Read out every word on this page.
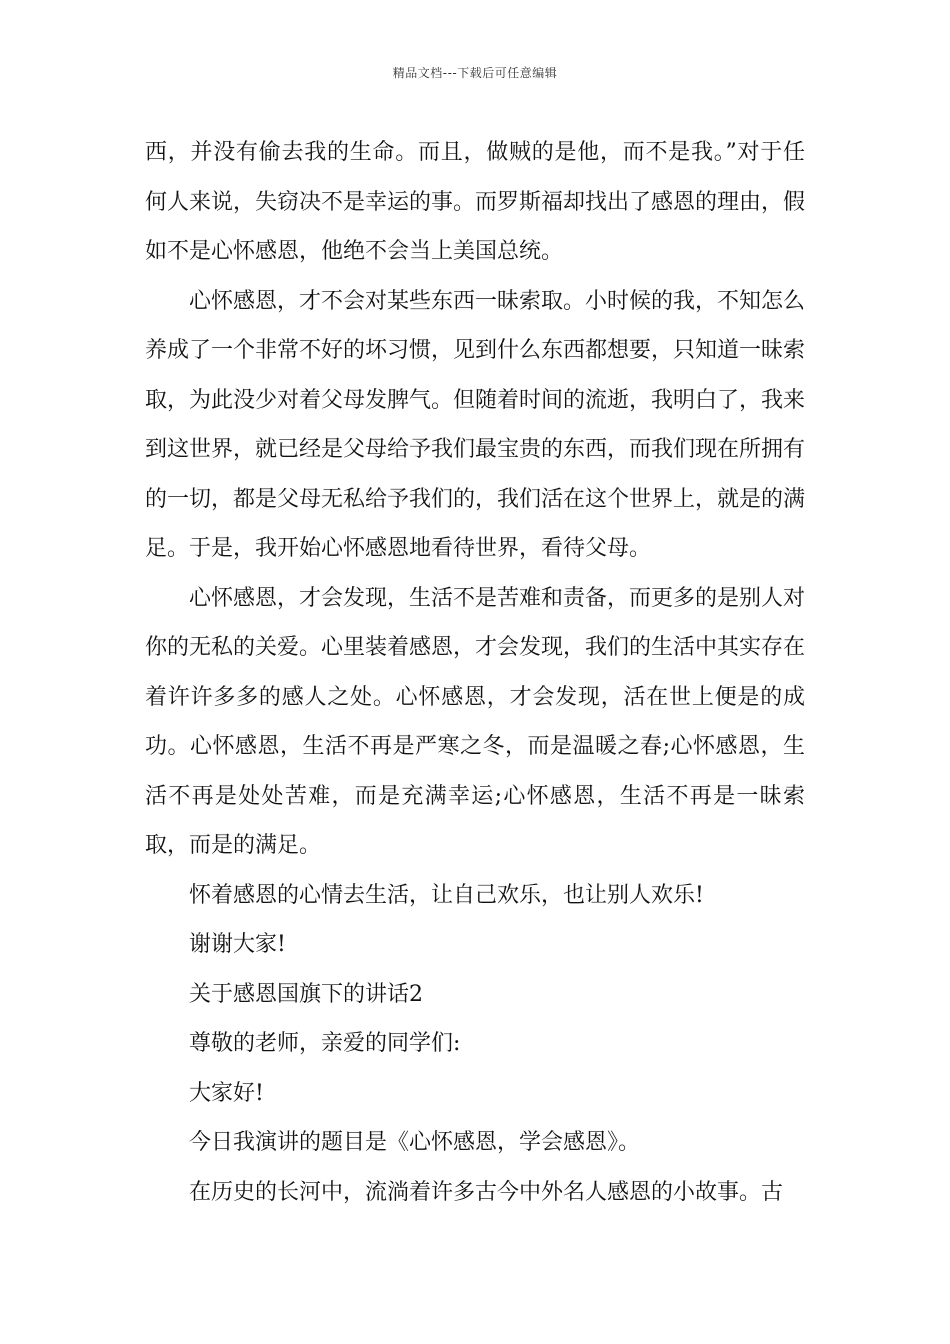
精品文档---下载后可任意编辑

西，并没有偷去我的生命。而且，做贼的是他，而不是我。”对于任何人来说，失窃决不是幸运的事。而罗斯福却找出了感恩的理由，假如不是心怀感恩，他绝不会当上美国总统。

心怀感恩，才不会对某些东西一昧索取。小时候的我，不知怎么养成了一个非常不好的坏习惯，见到什么东西都想要，只知道一昧索取，为此没少对着父母发脾气。但随着时间的流逝，我明白了，我来到这世界，就已经是父母给予我们最宝贵的东西，而我们现在所拥有的一切，都是父母无私给予我们的，我们活在这个世界上，就是的满足。于是，我开始心怀感恩地看待世界，看待父母。

心怀感恩，才会发现，生活不是苦难和责备，而更多的是别人对你的无私的关爱。心里装着感恩，才会发现，我们的生活中其实存在着许许多多的感人之处。心怀感恩，才会发现，活在世上便是的成功。心怀感恩，生活不再是严寒之冬，而是温暖之春;心怀感恩，生活不再是处处苦难，而是充满幸运;心怀感恩，生活不再是一昧索取，而是的满足。

怀着感恩的心情去生活，让自己欢乐，也让别人欢乐!

谢谢大家!

关于感恩国旗下的讲话2

尊敬的老师，亲爱的同学们:

大家好!

今日我演讲的题目是《心怀感恩，学会感恩》。

在历史的长河中，流淌着许多古今中外名人感恩的小故事。古
